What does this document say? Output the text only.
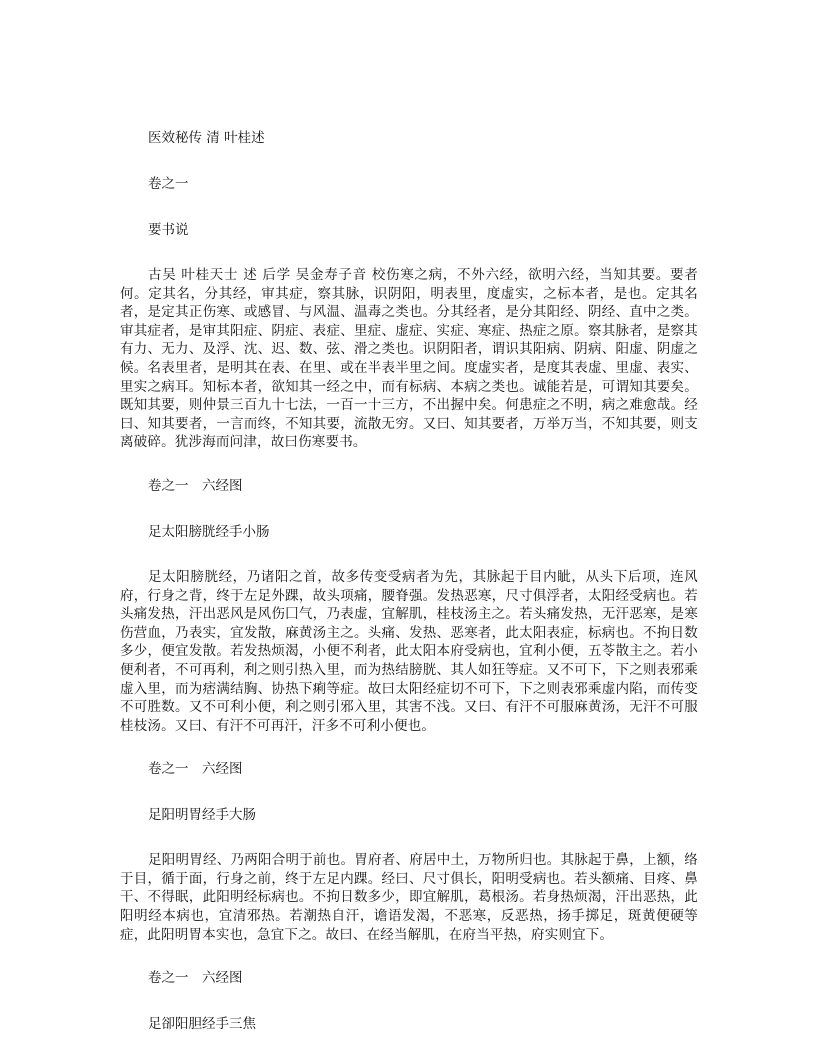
医效秘传 清 叶桂述

卷之一

要书说

古吴 叶桂天士 述 后学 吴金寿子音 校伤寒之病，不外六经，欲明六经，当知其要。要者何。定其名，分其经，审其症，察其脉，识阴阳，明表里，度虚实，之标本者，是也。定其名者，是定其正伤寒、或感冒、与风温、温毒之类也。分其经者，是分其阳经、阴经、直中之类。审其症者，是审其阳症、阴症、表症、里症、虚症、实症、寒症、热症之原。察其脉者，是察其有力、无力、及浮、沈、迟、数、弦、滑之类也。识阴阳者，谓识其阳病、阴病、阳虚、阴虚之候。名表里者，是明其在表、在里、或在半表半里之间。度虚实者，是度其表虚、里虚、表实、里实之病耳。知标本者，欲知其一经之中，而有标病、本病之类也。诚能若是，可谓知其要矣。既知其要，则仲景三百九十七法，一百一十三方，不出握中矣。何患症之不明，病之难愈哉。经曰、知其要者，一言而终，不知其要，流散无穷。又曰、知其要者，万举万当，不知其要，则支离破碎。犹涉海而问津，故曰伤寒要书。

卷之一　六经图

足太阳膀胱经手小肠

足太阳膀胱经，乃诸阳之首，故多传变受病者为先，其脉起于目内眦，从头下后项，连风府，行身之背，终于左足外踝，故头项痛，腰脊强。发热恶寒，尺寸俱浮者，太阳经受病也。若头痛发热，汗出恶风是风伤囗气，乃表虚，宜解肌，桂枝汤主之。若头痛发热，无汗恶寒，是寒伤营血，乃表实，宜发散，麻黄汤主之。头痛、发热、恶寒者，此太阳表症，标病也。不拘日数多少，便宜发散。若发热烦渴，小便不利者，此太阳本府受病也，宜利小便，五苓散主之。若小便利者，不可再利，利之则引热入里，而为热结膀胱、其人如狂等症。又不可下，下之则表邪乘虚入里，而为痞满结胸、协热下痢等症。故曰太阳经症切不可下，下之则表邪乘虚内陷，而传变不可胜数。又不可利小便，利之则引邪入里，其害不浅。又曰、有汗不可服麻黄汤，无汗不可服桂枝汤。又曰、有汗不可再汗，汗多不可利小便也。

卷之一　六经图

足阳明胃经手大肠

足阳明胃经、乃两阳合明于前也。胃府者、府居中土，万物所归也。其脉起于鼻，上额，络于目，循于面，行身之前，终于左足内踝。经曰、尺寸俱长，阳明受病也。若头额痛、目疼、鼻干、不得眠，此阳明经标病也。不拘日数多少，即宜解肌，葛根汤。若身热烦渴，汗出恶热，此阳明经本病也，宜清邪热。若潮热自汗，谵语发渴，不恶寒，反恶热，扬手掷足，斑黄便硬等症，此阳明胃本实也，急宜下之。故曰、在经当解肌，在府当平热，府实则宜下。

卷之一　六经图

足卻阳胆经手三焦
